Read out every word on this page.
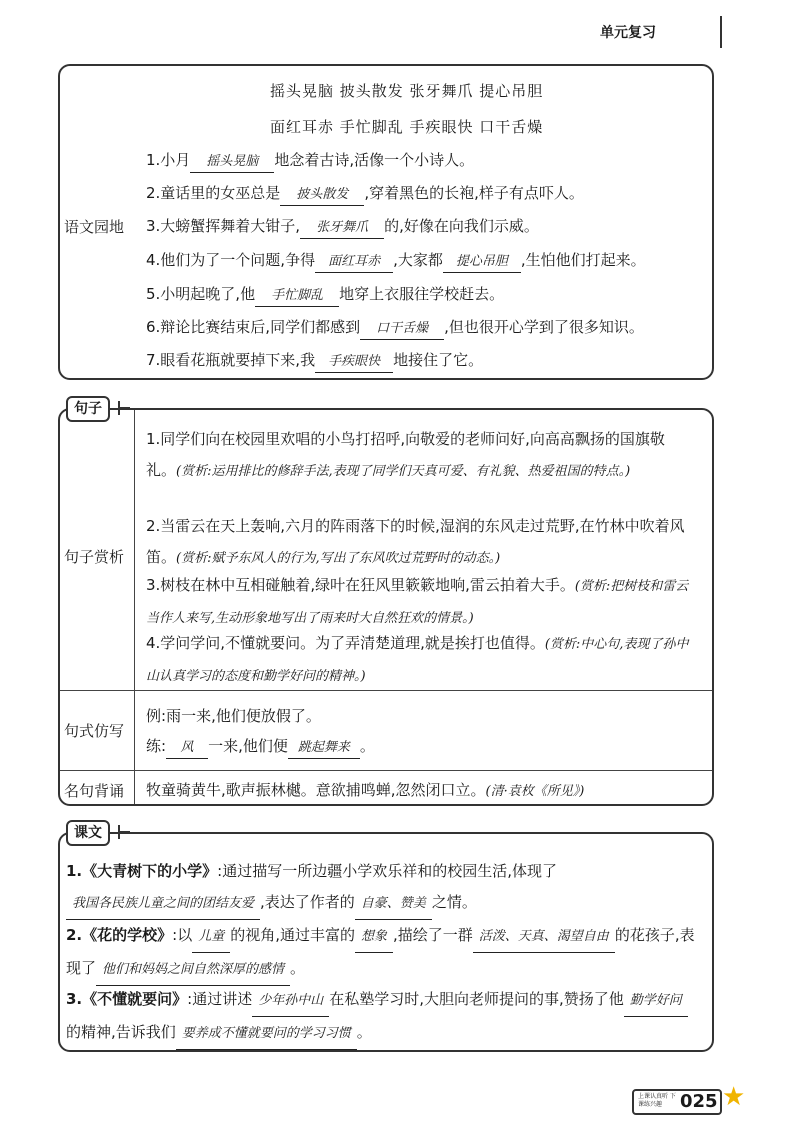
单元复习
摇头晃脑 披头散发 张牙舞爪 提心吊胆
面红耳赤 手忙脚乱 手疾眼快 口干舌燥
语文园地
1.小月 摇头晃脑 地念着古诗,活像一个小诗人。
2.童话里的女巫总是 披头散发 ,穿着黑色的长袍,样子有点吓人。
3.大螃蟹挥舞着大钳子, 张牙舞爪 的,好像在向我们示威。
4.他们为了一个问题,争得 面红耳赤 ,大家都 提心吊胆 ,生怕他们打起来。
5.小明起晚了,他 手忙脚乱 地穿上衣服往学校赶去。
6.辩论比赛结束后,同学们都感到 口干舌燥 ,但也很开心学到了很多知识。
7.眼看花瓶就要掉下来,我 手疾眼快 地接住了它。
句子
句子赏析
1.同学们向在校园里欢唱的小鸟打招呼,向敬爱的老师问好,向高高飘扬的国旗敬礼。(赏析:运用排比的修辞手法,表现了同学们天真可爱、有礼貌、热爱祖国的特点。)
2.当雷云在天上轰响,六月的阵雨落下的时候,湿润的东风走过荒野,在竹林中吹着风笛。(赏析:赋予东风人的行为,写出了东风吹过荒野时的动态。)
3.树枝在林中互相碰触着,绿叶在狂风里簌簌地响,雷云拍着大手。(赏析:把树枝和雷云当作人来写,生动形象地写出了雨来时大自然狂欢的情景。)
4.学问学问,不懂就要问。为了弄清楚道理,就是挨打也值得。(赏析:中心句,表现了孙中山认真学习的态度和勤学好问的精神。)
句式仿写
例:雨一来,他们便放假了。
练: 风 一来,他们便 跳起舞来 。
名句背诵 牧童骑黄牛,歌声振林樾。意欲捕鸣蝉,忽然闭口立。(清·袁枚《所见》)
课文
1.《大青树下的小学》:通过描写一所边疆小学欢乐祥和的校园生活,体现了我国各民族儿童之间的团结友爱 ,表达了作者的 自豪、赞美 之情。
2.《花的学校》:以 儿童 的视角,通过丰富的 想象 ,描绘了一群 活泼、天真、渴望自由 的花孩子,表现了 他们和妈妈之间自然深厚的感情 。
3.《不懂就要问》:通过讲述 少年孙中山 在私塾学习时,大胆向老师提问的事,赞扬了他 勤学好问的精神,告诉我们 要养成不懂就要问的学习习惯 。
上课认真听 下课练兴趣 025 ★
